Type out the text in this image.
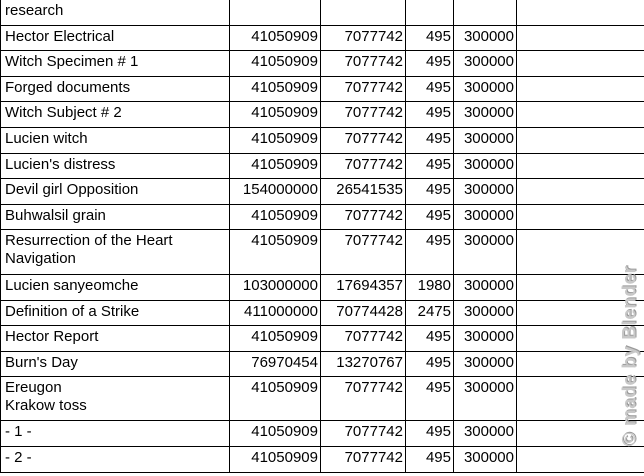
research					
Hector Electrical	41050909	7077742	495	300000	
Witch Specimen # 1	41050909	7077742	495	300000	
Forged documents	41050909	7077742	495	300000	
Witch Subject # 2	41050909	7077742	495	300000	
Lucien witch	41050909	7077742	495	300000	
Lucien's distress	41050909	7077742	495	300000	
Devil girl Opposition	154000000	26541535	495	300000	
Buhwalsil grain	41050909	7077742	495	300000	
Resurrection of the Heart Navigation	41050909	7077742	495	300000	
Lucien sanyeomche	103000000	17694357	1980	300000	
Definition of a Strike	411000000	70774428	2475	300000	
Hector Report	41050909	7077742	495	300000	
Burn's Day	76970454	13270767	495	300000	
Ereugon Krakow toss	41050909	7077742	495	300000	
- 1 -	41050909	7077742	495	300000	
- 2 -	41050909	7077742	495	300000	
© made by Blender
